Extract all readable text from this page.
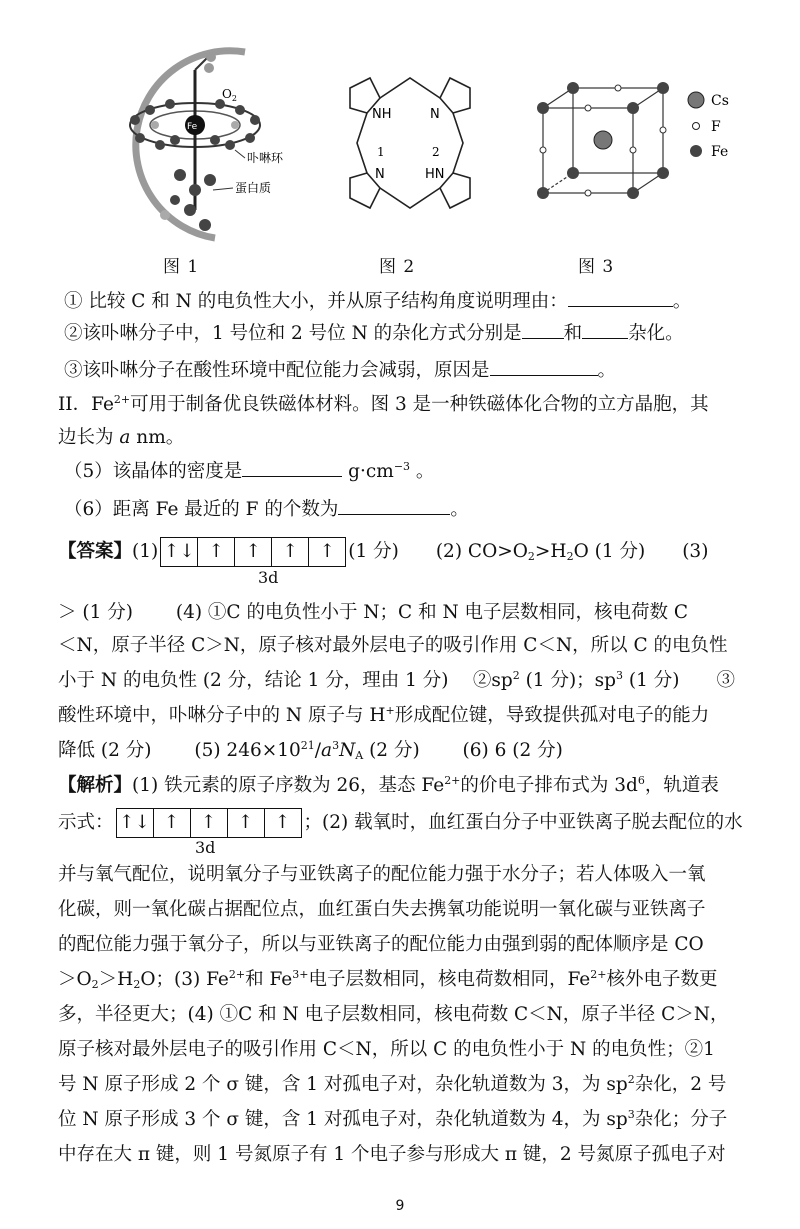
Fe
$O_2$
卟啉环
蛋白质
图 1
NH	N
1	2
N	HN
图 2
Cs
F
Fe
图 3
① 比较 C 和 N 的电负性大小，并从原子结构角度说明理由：	。
②该卟啉分子中，1 号位和 2 号位 N 的杂化方式分别是 和 杂化。
③该卟啉分子在酸性环境中配位能力会减弱，原因是	。
II．$Fe^{2+}$可用于制备优良铁磁体材料。图 3 是一种铁磁体化合物的立方晶胞，其
边长为 a nm。
（5）该晶体的密度是	$g\cdot cm^{-3}$ 。
（6）距离 Fe 最近的 F 的个数为	。
【答案】(1) ↑↓ ↑	↑	↑	↑ (1 分)　　 (2) $CO>O_2>H_2O$ (1 分)　　 (3)
3d
＞ (1 分)　　 (4) ①C 的电负性小于 N；C 和 N 电子层数相同，核电荷数 C
＜N，原子半径 C＞N，原子核对最外层电子的吸引作用 C＜N，所以 C 的电负性
小于 N 的电负性 (2 分，结论 1 分，理由 1 分)　 $②sp^2$ (1 分)；$sp^3$ (1 分)　　③
酸性环境中，卟啉分子中的 N 原子与 H+形成配位键，导致提供孤对电子的能力
降低 (2 分)　　 (5) $246\times 10^{21}/a^3N_A$ (2 分)　　 (6) 6 (2 分)
【解析】(1) 铁元素的原子序数为 26，基态 $Fe^{2+}$的价电子排布式为 $3d^6$，轨道表
示式： ↑↓ ↑	↑	↑	↑ ；(2) 载氧时，血红蛋白分子中亚铁离子脱去配位的水
3d
并与氧气配位，说明氧分子与亚铁离子的配位能力强于水分子；若人体吸入一氧
化碳，则一氧化碳占据配位点，血红蛋白失去携氧功能说明一氧化碳与亚铁离子
的配位能力强于氧分子，所以与亚铁离子的配位能力由强到弱的配体顺序是 CO
$>O_2>H_2O$；(3) $Fe^{2+}$和 $Fe^{3+}$电子层数相同，核电荷数相同，$Fe^{2+}$核外电子数更
多，半径更大；(4) ①C 和 N 电子层数相同，核电荷数 C＜N，原子半径 C＞N，
原子核对最外层电子的吸引作用 C＜N，所以 C 的电负性小于 N 的电负性；②1
号 N 原子形成 2 个 σ 键，含 1 对孤电子对，杂化轨道数为 3，为 $sp^2$杂化，2 号
位 N 原子形成 3 个 σ 键，含 1 对孤电子对，杂化轨道数为 4，为 $sp^3$杂化；分子
中存在大 π 键，则 1 号氮原子有 1 个电子参与形成大 π 键，2 号氮原子孤电子对
9
